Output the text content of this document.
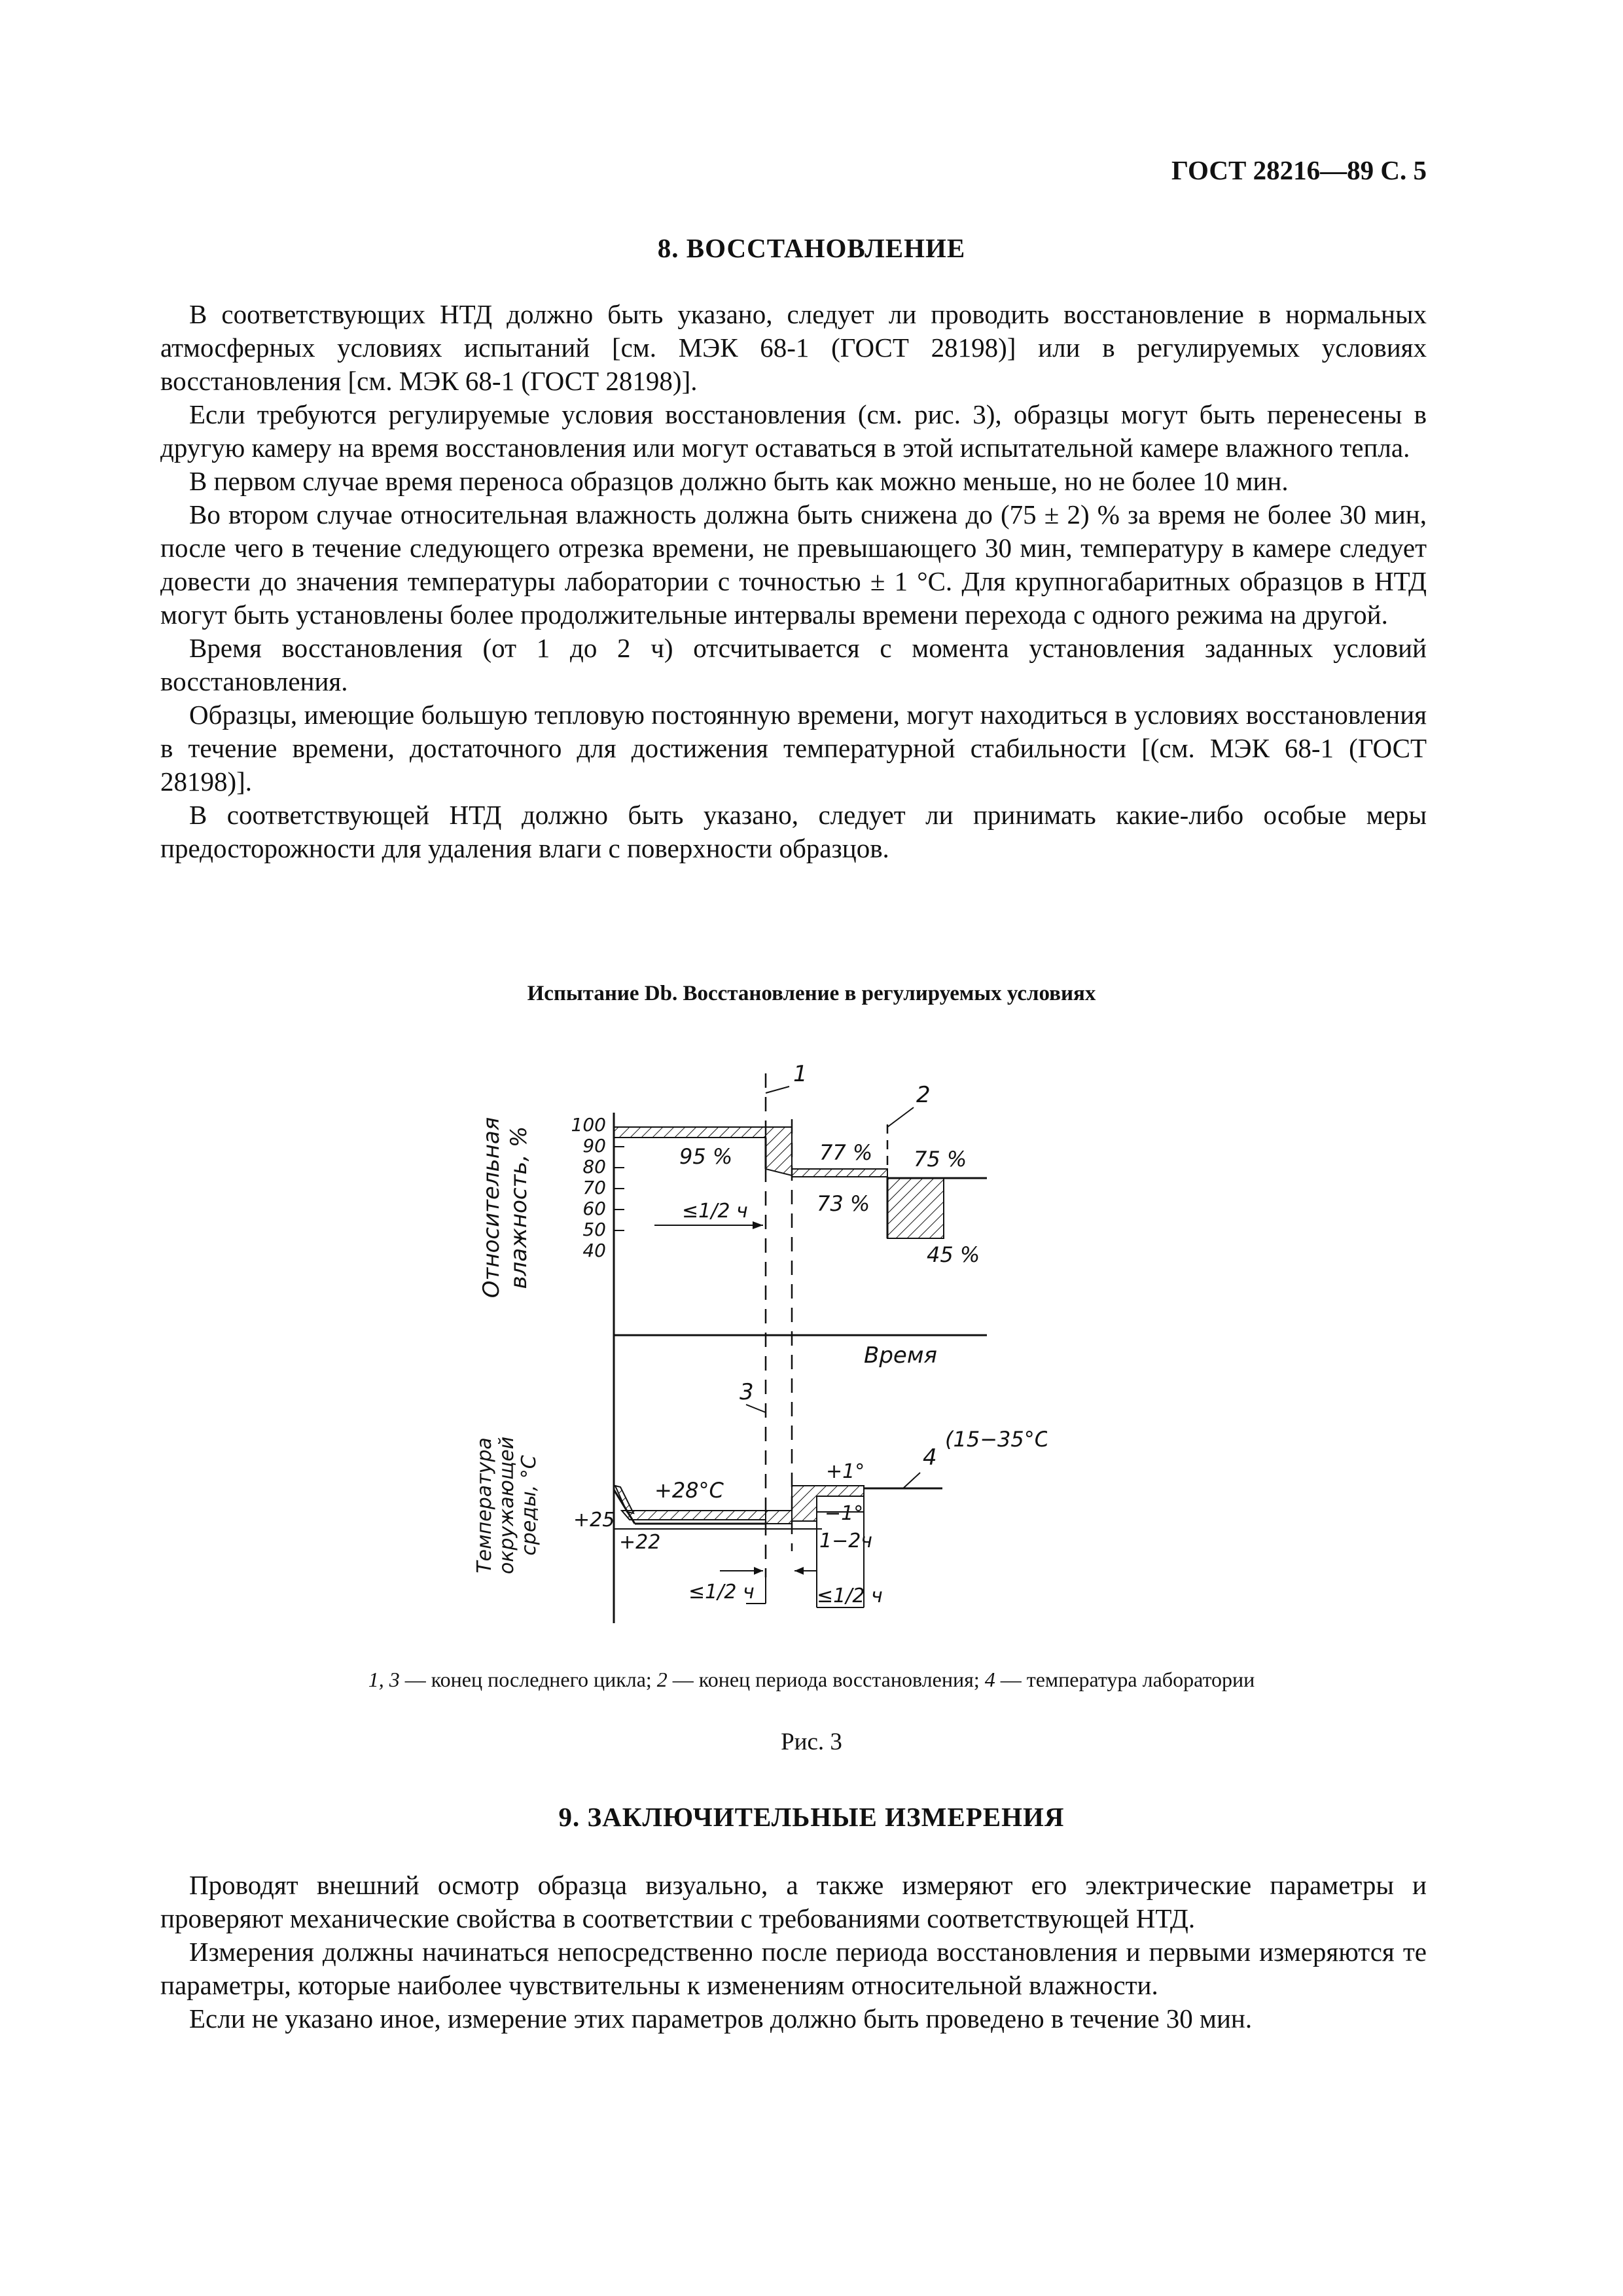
ГОСТ 28216—89 С. 5
8. ВОССТАНОВЛЕНИЕ

В соответствующих НТД должно быть указано, следует ли проводить восстановление в нормальных атмосферных условиях испытаний [см. МЭК 68-1 (ГОСТ 28198)] или в регулируемых условиях восстановления [см. МЭК 68-1 (ГОСТ 28198)].

Если требуются регулируемые условия восстановления (см. рис. 3), образцы могут быть перенесены в другую камеру на время восстановления или могут оставаться в этой испытательной камере влажного тепла.

В первом случае время переноса образцов должно быть как можно меньше, но не более 10 мин.

Во втором случае относительная влажность должна быть снижена до (75 ± 2) % за время не более 30 мин, после чего в течение следующего отрезка времени, не превышающего 30 мин, температуру в камере следует довести до значения температуры лаборатории с точностью ± 1 °С. Для крупногабаритных образцов в НТД могут быть установлены более продолжительные интервалы времени перехода с одного режима на другой.

Время восстановления (от 1 до 2 ч) отсчитывается с момента установления заданных условий восстановления.

Образцы, имеющие большую тепловую постоянную времени, могут находиться в условиях восстановления в течение времени, достаточного для достижения температурной стабильности [(см. МЭК 68-1 (ГОСТ 28198)].

В соответствующей НТД должно быть указано, следует ли принимать какие-либо особые меры предосторожности для удаления влаги с поверхности образцов.

Испытание Db. Восстановление в регулируемых условиях
Относительная влажность, %
Температура окружающей среды, °С
100
90
80
70
60
50
40
95 %	77 % 75 %
73 %
45 %
≤1/2 ч
Время
1
2
3
+28°С
+25
+22
+1°
−1°
1−2ч
(15−35°С)
4
≤1/2 ч	≤1/2 ч
1, 3 — конец последнего цикла; 2 — конец периода восстановления; 4 — температура лаборатории
Рис. 3
9. ЗАКЛЮЧИТЕЛЬНЫЕ ИЗМЕРЕНИЯ

Проводят внешний осмотр образца визуально, а также измеряют его электрические параметры и проверяют механические свойства в соответствии с требованиями соответствующей НТД.

Измерения должны начинаться непосредственно после периода восстановления и первыми измеряются те параметры, которые наиболее чувствительны к изменениям относительной влажности.

Если не указано иное, измерение этих параметров должно быть проведено в течение 30 мин.
